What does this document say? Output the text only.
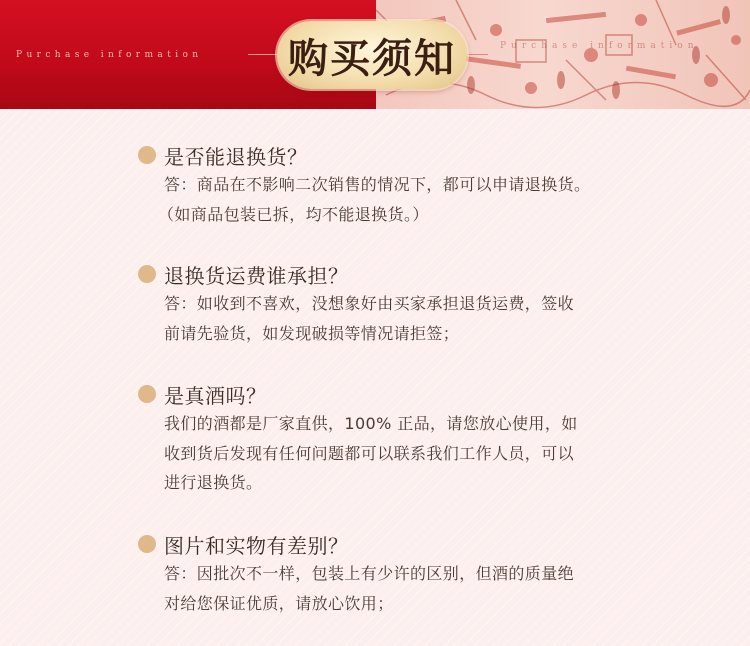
Purchase information
Purchase information
购买须知
是否能退换货？
答：商品在不影响二次销售的情况下，都可以申请退换货。
（如商品包装已拆，均不能退换货。）
退换货运费谁承担？
答：如收到不喜欢，没想象好由买家承担退货运费，签收
前请先验货，如发现破损等情况请拒签；
是真酒吗？
我们的酒都是厂家直供，100% 正品，请您放心使用，如
收到货后发现有任何问题都可以联系我们工作人员，可以
进行退换货。
图片和实物有差别？
答：因批次不一样，包装上有少许的区别，但酒的质量绝
对给您保证优质，请放心饮用；
